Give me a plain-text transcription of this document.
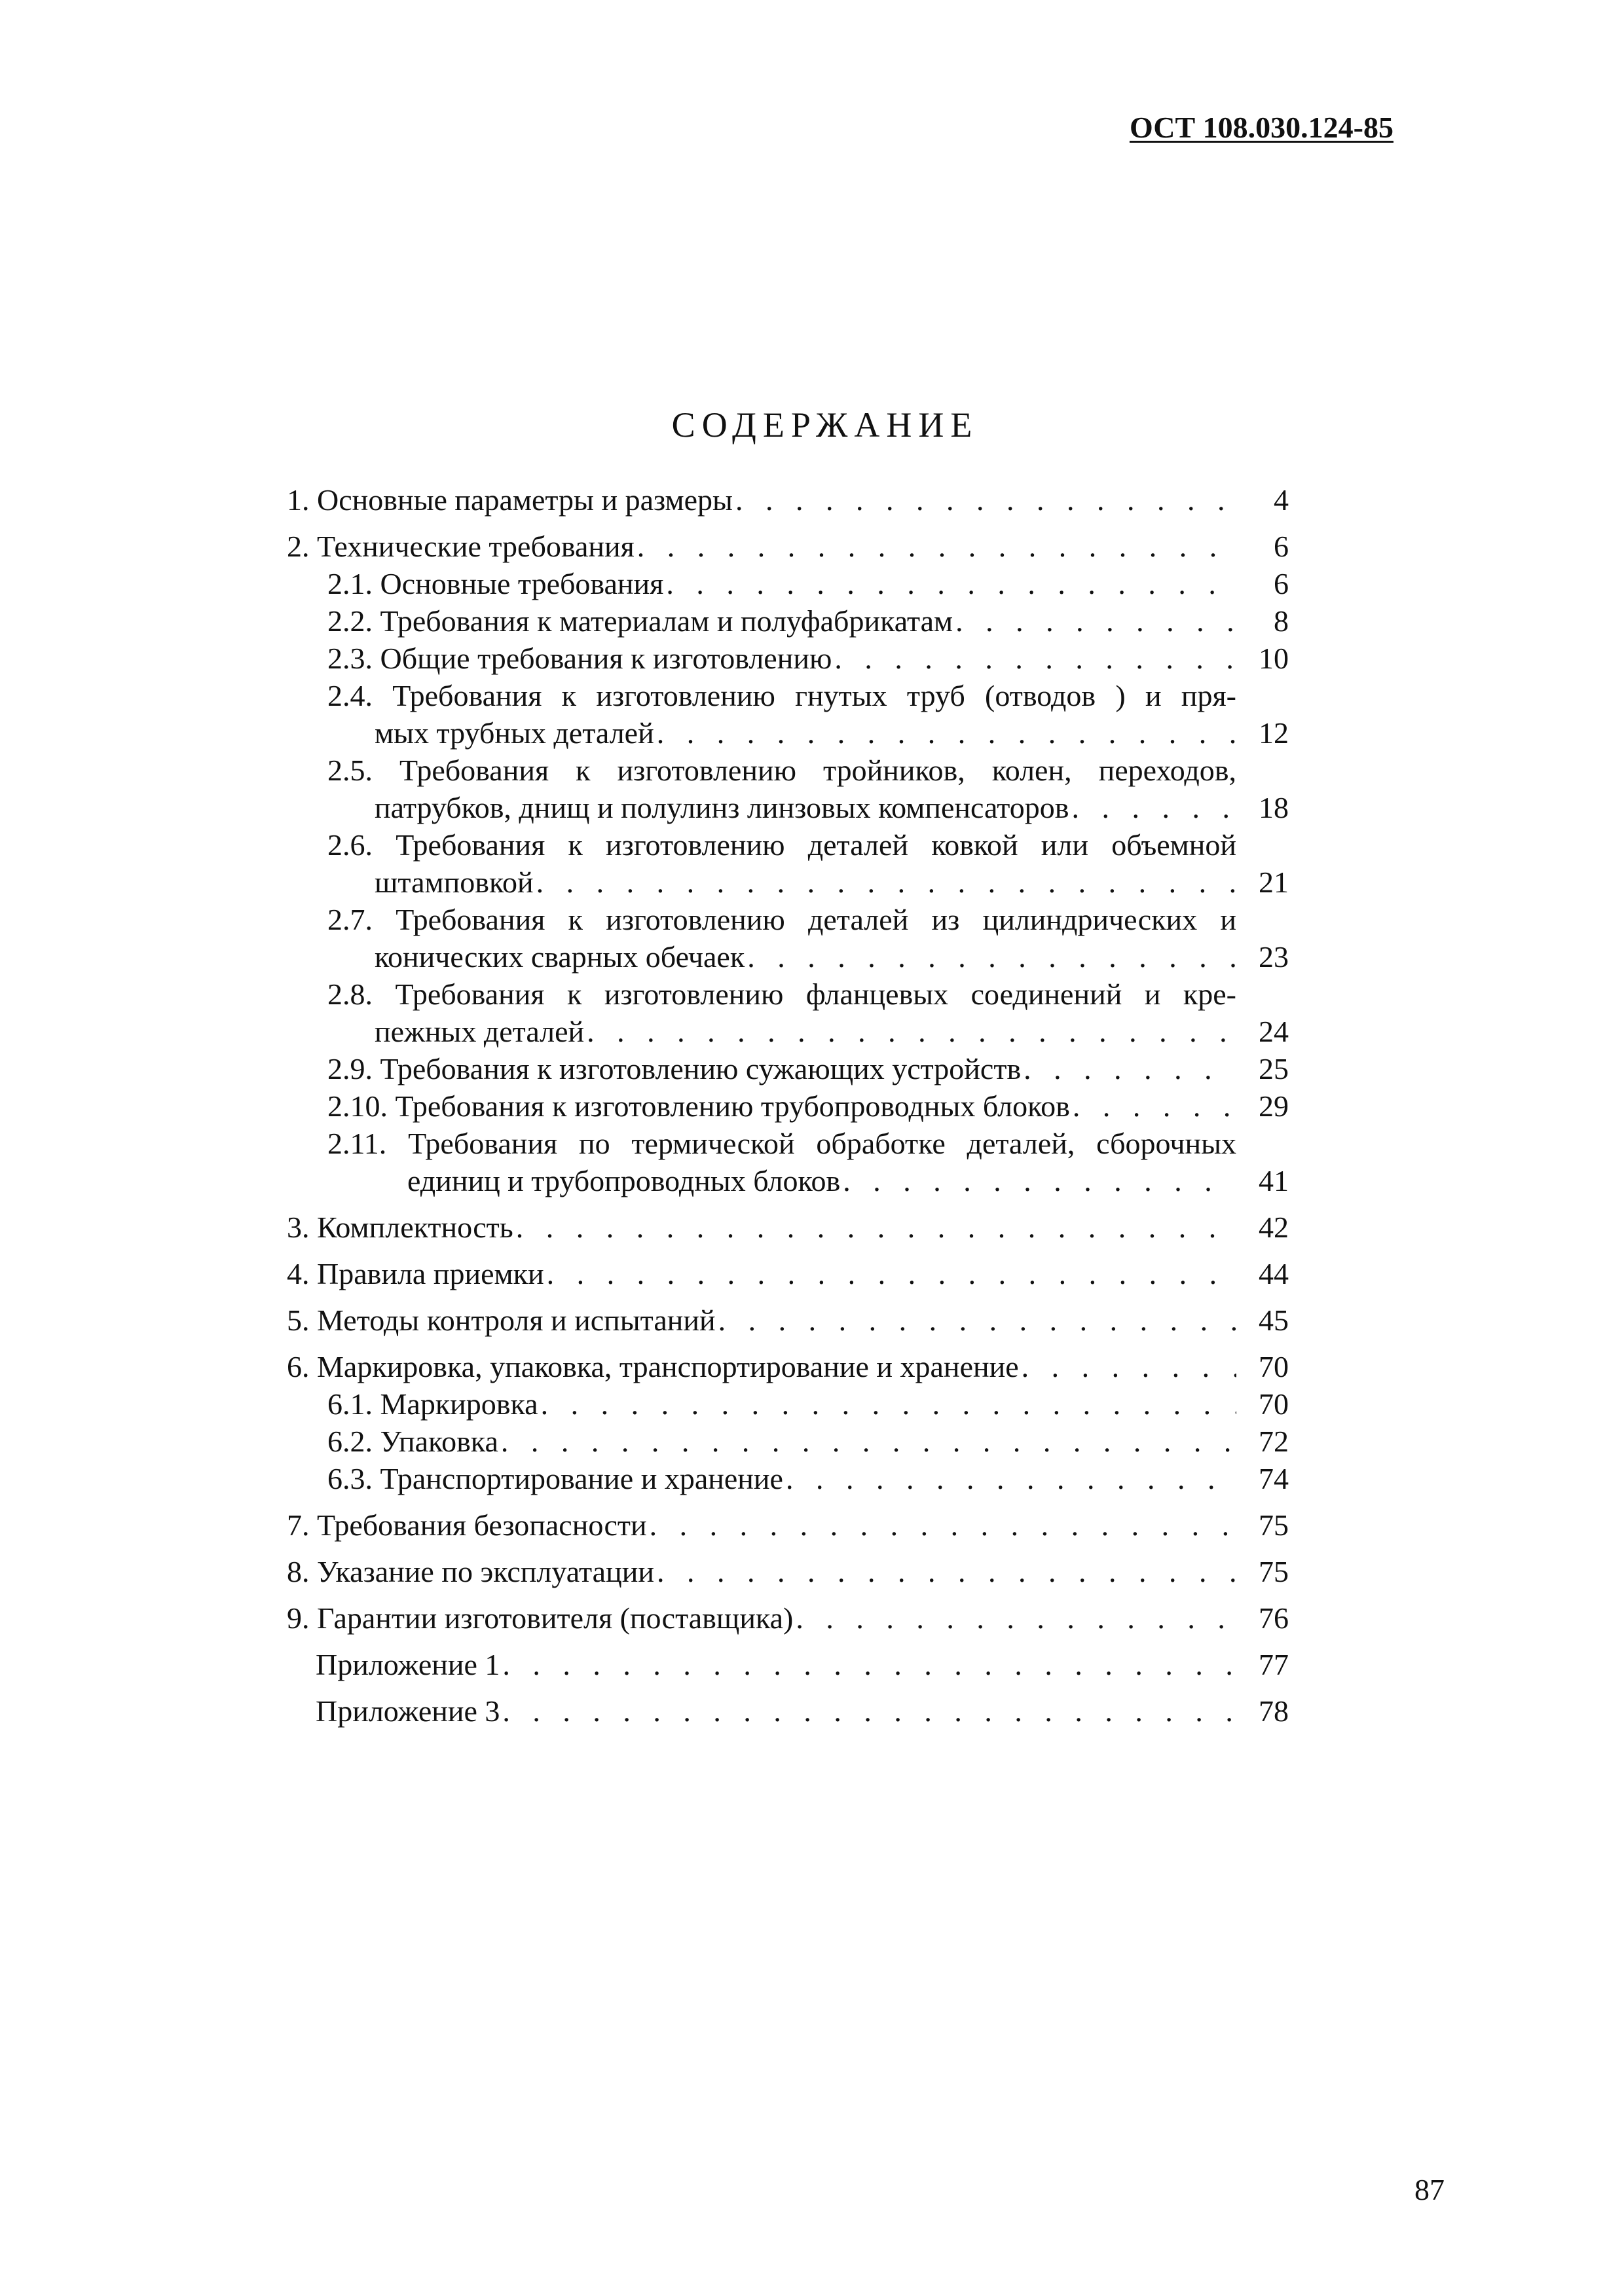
ОСТ 108.030.124-85
СОДЕРЖАНИЕ
1. Основные параметры и размеры .   .	4
2. Технические требования .   .	6
2.1. Основные требования .   .	6
2.2. Требования к материалам и полуфабрикатам .   .	8
2.3. Общие требования к изготовлению .   .	10
2.4. Требования к изготовлению гнутых труб (отводов ) и пря-
мых трубных деталей .   .	12
2.5. Требования к изготовлению тройников, колен, переходов,
патрубков, днищ и полулинз линзовых компенсаторов .   .	18
2.6. Требования к изготовлению деталей ковкой или объемной
штамповкой .   .	21
2.7. Требования к изготовлению деталей из цилиндрических и
конических сварных обечаек .   .	23
2.8. Требования к изготовлению фланцевых соединений и кре-
пежных деталей .   .	24
2.9. Требования к изготовлению сужающих устройств .   .	25
2.10. Требования к изготовлению трубопроводных блоков .   .	29
2.11. Требования по термической обработке деталей, сборочных
единиц и трубопроводных блоков .   .	41
3. Комплектность .   .	42
4. Правила приемки .   .	44
5. Методы контроля и испытаний .   .	45
6. Маркировка, упаковка, транспортирование и хранение .   .	70
6.1. Маркировка .   .	70
6.2. Упаковка .   .	72
6.3. Транспортирование и хранение .   .	74
7. Требования безопасности .   .	75
8. Указание по эксплуатации .   .	75
9. Гарантии изготовителя (поставщика) .   .	76
Приложение 1 .   .	77
Приложение 3 .   .	78
87
